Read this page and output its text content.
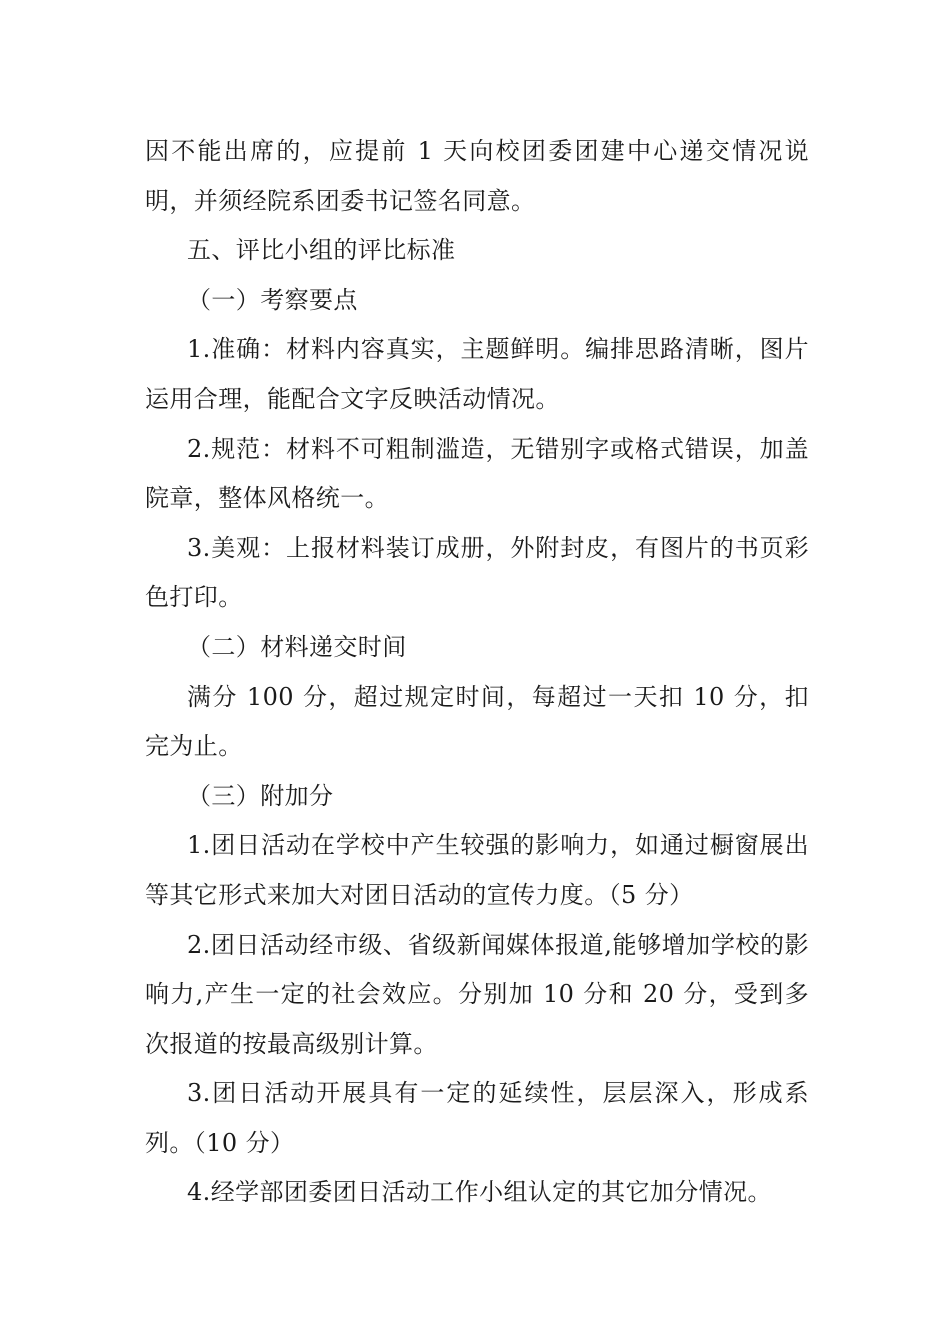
因不能出席的，应提前 1 天向校团委团建中心递交情况说明，并须经院系团委书记签名同意。

五、评比小组的评比标准

（一）考察要点

1.准确：材料内容真实，主题鲜明。编排思路清晰，图片运用合理，能配合文字反映活动情况。

2.规范：材料不可粗制滥造，无错别字或格式错误，加盖院章，整体风格统一。

3.美观：上报材料装订成册，外附封皮，有图片的书页彩色打印。

（二）材料递交时间

满分 100 分，超过规定时间，每超过一天扣 10 分，扣完为止。

（三）附加分

1.团日活动在学校中产生较强的影响力，如通过橱窗展出等其它形式来加大对团日活动的宣传力度。（5 分）

2.团日活动经市级、省级新闻媒体报道,能够增加学校的影响力,产生一定的社会效应。分别加 10 分和 20 分，受到多次报道的按最高级别计算。

3.团日活动开展具有一定的延续性，层层深入，形成系列。（10 分）

4.经学部团委团日活动工作小组认定的其它加分情况。
